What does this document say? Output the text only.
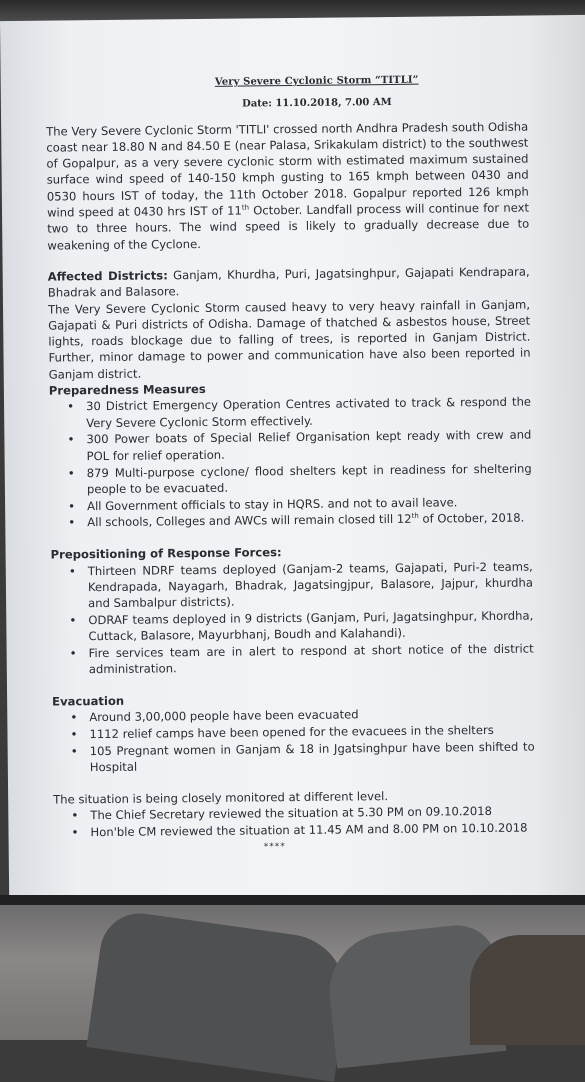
Very Severe Cyclonic Storm “TITLI”
Date: 11.10.2018, 7.00 AM

The Very Severe Cyclonic Storm 'TITLI' crossed north Andhra Pradesh south Odisha coast near 18.80 N and 84.50 E (near Palasa, Srikakulam district) to the southwest of Gopalpur, as a very severe cyclonic storm with estimated maximum sustained surface wind speed of 140-150 kmph gusting to 165 kmph between 0430 and 0530 hours IST of today, the 11th October 2018. Gopalpur reported 126 kmph wind speed at 0430 hrs IST of 11th October. Landfall process will continue for next two to three hours. The wind speed is likely to gradually decrease due to weakening of the Cyclone.

Affected Districts: Ganjam, Khurdha, Puri, Jagatsinghpur, Gajapati Kendrapara, Bhadrak and Balasore.

The Very Severe Cyclonic Storm caused heavy to very heavy rainfall in Ganjam, Gajapati & Puri districts of Odisha. Damage of thatched & asbestos house, Street lights, roads blockage due to falling of trees, is reported in Ganjam District. Further, minor damage to power and communication have also been reported in Ganjam district.

Preparedness Measures
• 30 District Emergency Operation Centres activated to track & respond the Very Severe Cyclonic Storm effectively.
• 300 Power boats of Special Relief Organisation kept ready with crew and POL for relief operation.
• 879 Multi-purpose cyclone/ flood shelters kept in readiness for sheltering people to be evacuated.
• All Government officials to stay in HQRS. and not to avail leave.
• All schools, Colleges and AWCs will remain closed till 12th of October, 2018.
Prepositioning of Response Forces:
• Thirteen NDRF teams deployed (Ganjam-2 teams, Gajapati, Puri-2 teams, Kendrapada, Nayagarh, Bhadrak, Jagatsingjpur, Balasore, Jajpur, khurdha and Sambalpur districts).
• ODRAF teams deployed in 9 districts (Ganjam, Puri, Jagatsinghpur, Khordha, Cuttack, Balasore, Mayurbhanj, Boudh and Kalahandi).
• Fire services team are in alert to respond at short notice of the district administration.
Evacuation
• Around 3,00,000 people have been evacuated
• 1112 relief camps have been opened for the evacuees in the shelters
• 105 Pregnant women in Ganjam & 18 in Jgatsinghpur have been shifted to Hospital

The situation is being closely monitored at different level.

• The Chief Secretary reviewed the situation at 5.30 PM on 09.10.2018
• Hon'ble CM reviewed the situation at 11.45 AM and 8.00 PM on 10.10.2018
****
